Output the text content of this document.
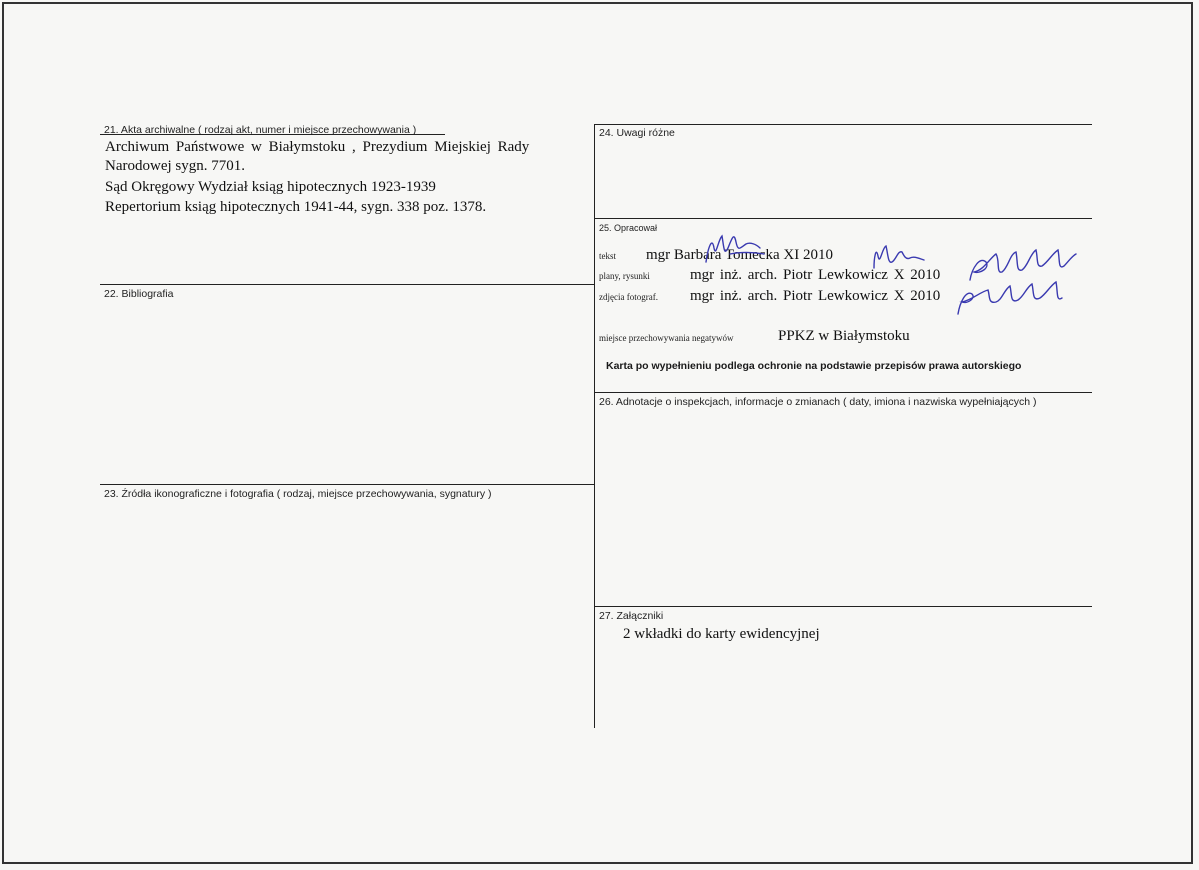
21. Akta archiwalne ( rodzaj akt, numer i miejsce przechowywania )
Archiwum Państwowe w Białymstoku , Prezydium Miejskiej Rady
Narodowej sygn. 7701.
Sąd Okręgowy Wydział ksiąg hipotecznych 1923-1939
Repertorium ksiąg hipotecznych 1941-44, sygn. 338 poz. 1378.
22. Bibliografia
23. Źródła ikonograficzne i fotografia ( rodzaj, miejsce przechowywania, sygnatury )
24. Uwagi różne
25. Opracował
tekst mgr Barbara Tomecka XI 2010
plany, rysunki	mgr inż. arch. Piotr Lewkowicz X 2010
zdjęcia fotograf. mgr inż. arch. Piotr Lewkowicz X 2010
miejsce przechowywania negatywów	PPKZ w Białymstoku
Karta po wypełnieniu podlega ochronie na podstawie przepisów prawa autorskiego
26. Adnotacje o inspekcjach, informacje o zmianach ( daty, imiona i nazwiska wypełniających )
27. Załączniki
2 wkładki do karty ewidencyjnej
